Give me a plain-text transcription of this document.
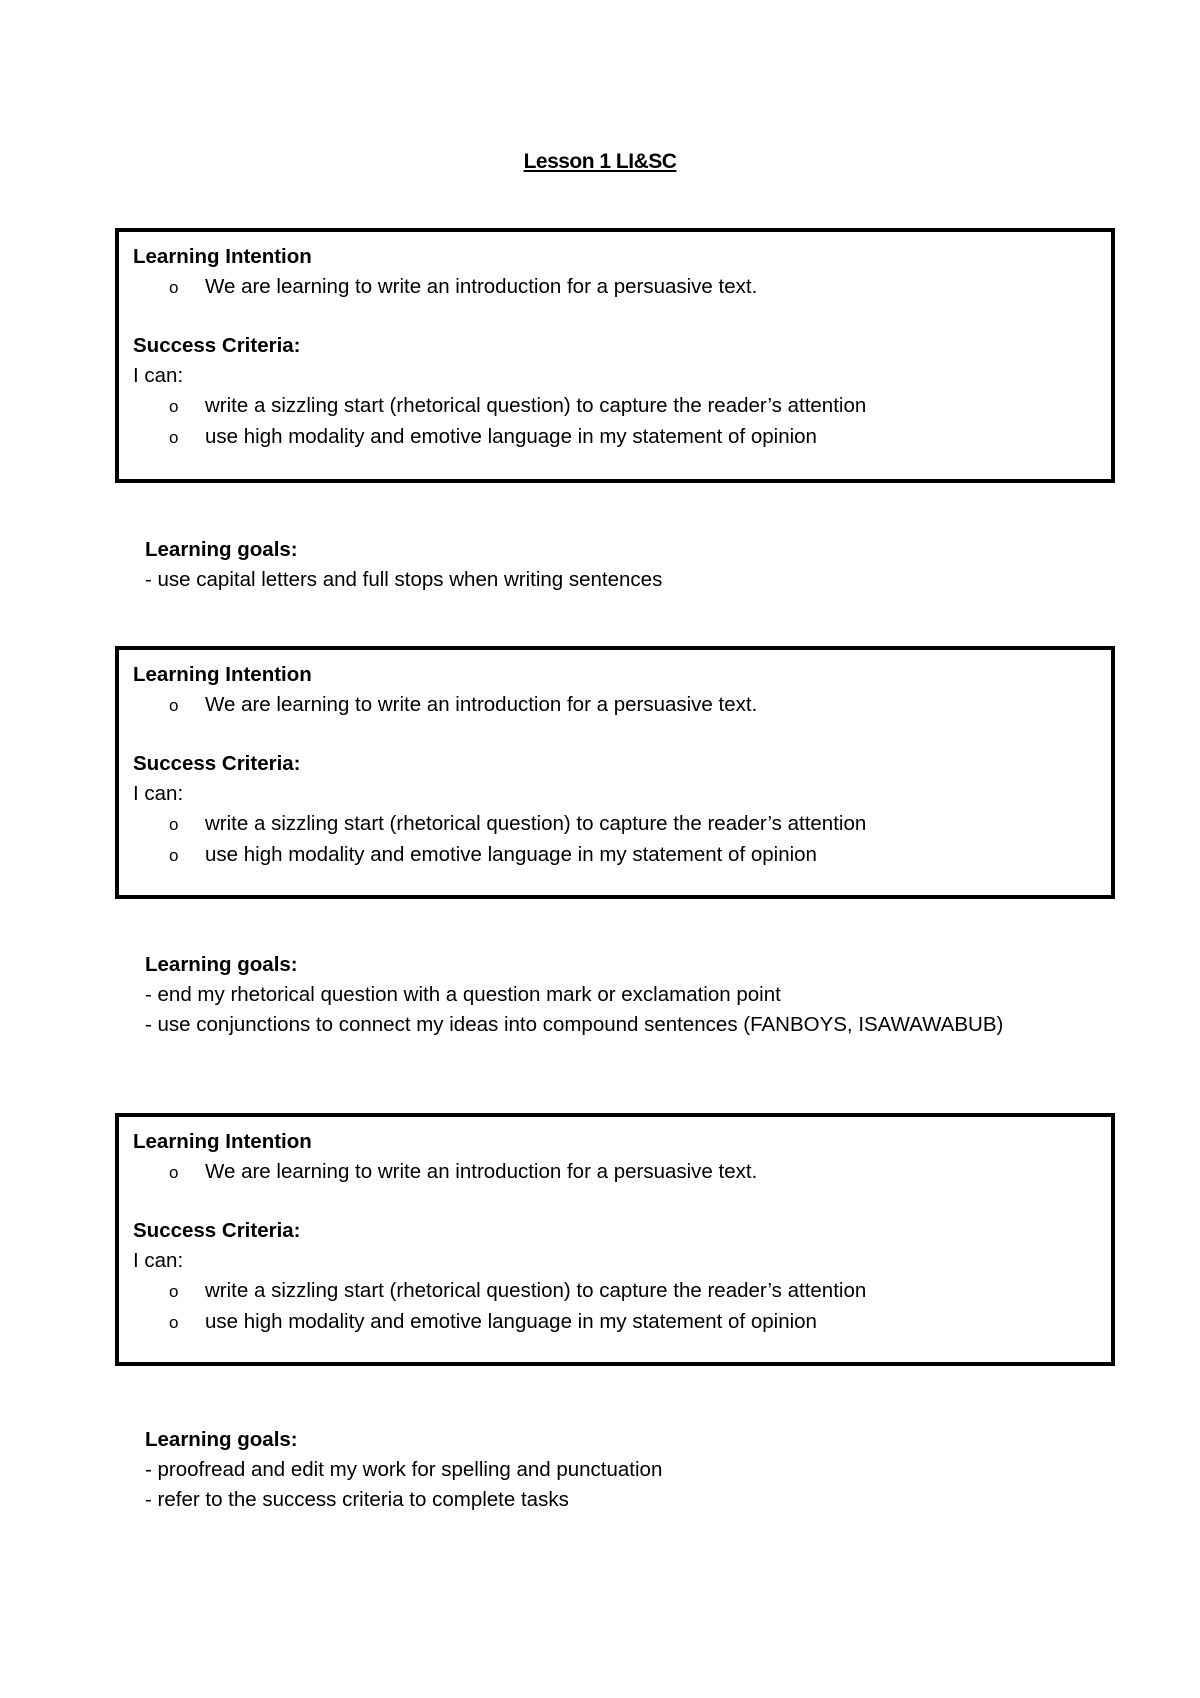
Lesson 1 LI&SC
Learning Intention
o	We are learning to write an introduction for a persuasive text.
Success Criteria:
I can:
o	write a sizzling start (rhetorical question) to capture the reader’s attention
o	use high modality and emotive language in my statement of opinion
Learning goals:
- use capital letters and full stops when writing sentences
Learning Intention
o	We are learning to write an introduction for a persuasive text.
Success Criteria:
I can:
o	write a sizzling start (rhetorical question) to capture the reader’s attention
o	use high modality and emotive language in my statement of opinion
Learning goals:
- end my rhetorical question with a question mark or exclamation point
- use conjunctions to connect my ideas into compound sentences (FANBOYS, ISAWAWABUB)
Learning Intention
o	We are learning to write an introduction for a persuasive text.
Success Criteria:
I can:
o	write a sizzling start (rhetorical question) to capture the reader’s attention
o	use high modality and emotive language in my statement of opinion
Learning goals:
- proofread and edit my work for spelling and punctuation
- refer to the success criteria to complete tasks
